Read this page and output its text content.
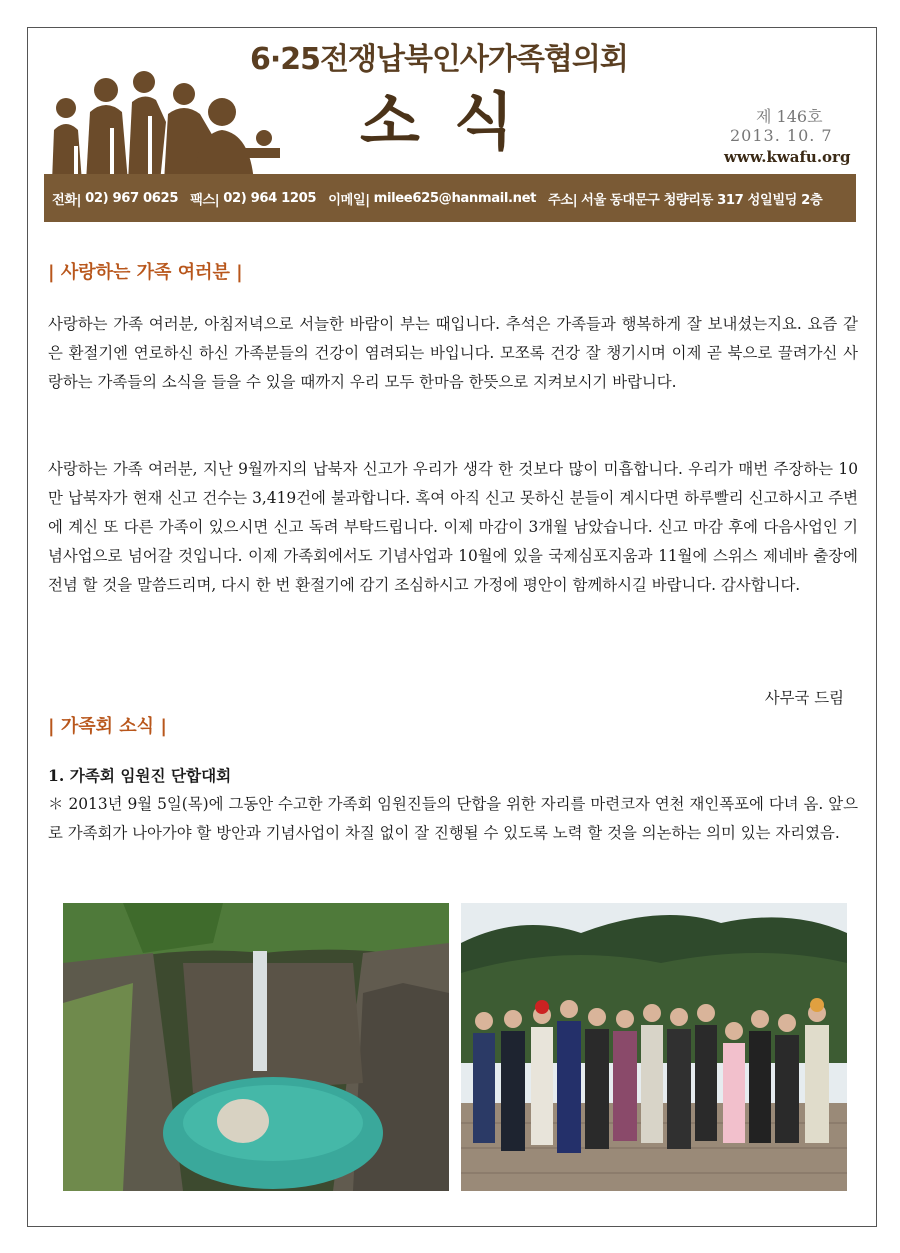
6·25전쟁납북인사가족협의회
소식	제 146호
2013. 10. 7
www.kwafu.org
전화| 02) 967 0625 팩스| 02) 964 1205 이메일| milee625@hanmail.net 주소| 서울 동대문구 청량리동 317 성일빌딩 2층
| 사랑하는 가족 여러분 |

사랑하는 가족 여러분, 아침저녁으로 서늘한 바람이 부는 때입니다. 추석은 가족들과 행복하게 잘 보내셨는지요. 요즘 같은 환절기엔 연로하신 하신 가족분들의 건강이 염려되는 바입니다. 모쪼록 건강 잘 챙기시며 이제 곧 북으로 끌려가신 사랑하는 가족들의 소식을 들을 수 있을 때까지 우리 모두 한마음 한뜻으로 지켜보시기 바랍니다.

사랑하는 가족 여러분, 지난 9월까지의 납북자 신고가 우리가 생각 한 것보다 많이 미흡합니다. 우리가 매번 주장하는 10만 납북자가 현재 신고 건수는 3,419건에 불과합니다. 혹여 아직 신고 못하신 분들이 계시다면 하루빨리 신고하시고 주변에 계신 또 다른 가족이 있으시면 신고 독려 부탁드립니다. 이제 마감이 3개월 남았습니다. 신고 마감 후에 다음사업인 기념사업으로 넘어갈 것입니다. 이제 가족회에서도 기념사업과 10월에 있을 국제심포지움과 11월에 스위스 제네바 출장에 전념 할 것을 말씀드리며, 다시 한 번 환절기에 감기 조심하시고 가정에 평안이 함께하시길 바랍니다. 감사합니다.

사무국 드림
| 가족회 소식 |
1. 가족회 임원진 단합대회

＊ 2013년 9월 5일(목)에 그동안 수고한 가족회 임원진들의 단합을 위한 자리를 마련코자 연천 재인폭포에 다녀 옴. 앞으로 가족회가 나아가야 할 방안과 기념사업이 차질 없이 잘 진행될 수 있도록 노력 할 것을 의논하는 의미 있는 자리였음.
